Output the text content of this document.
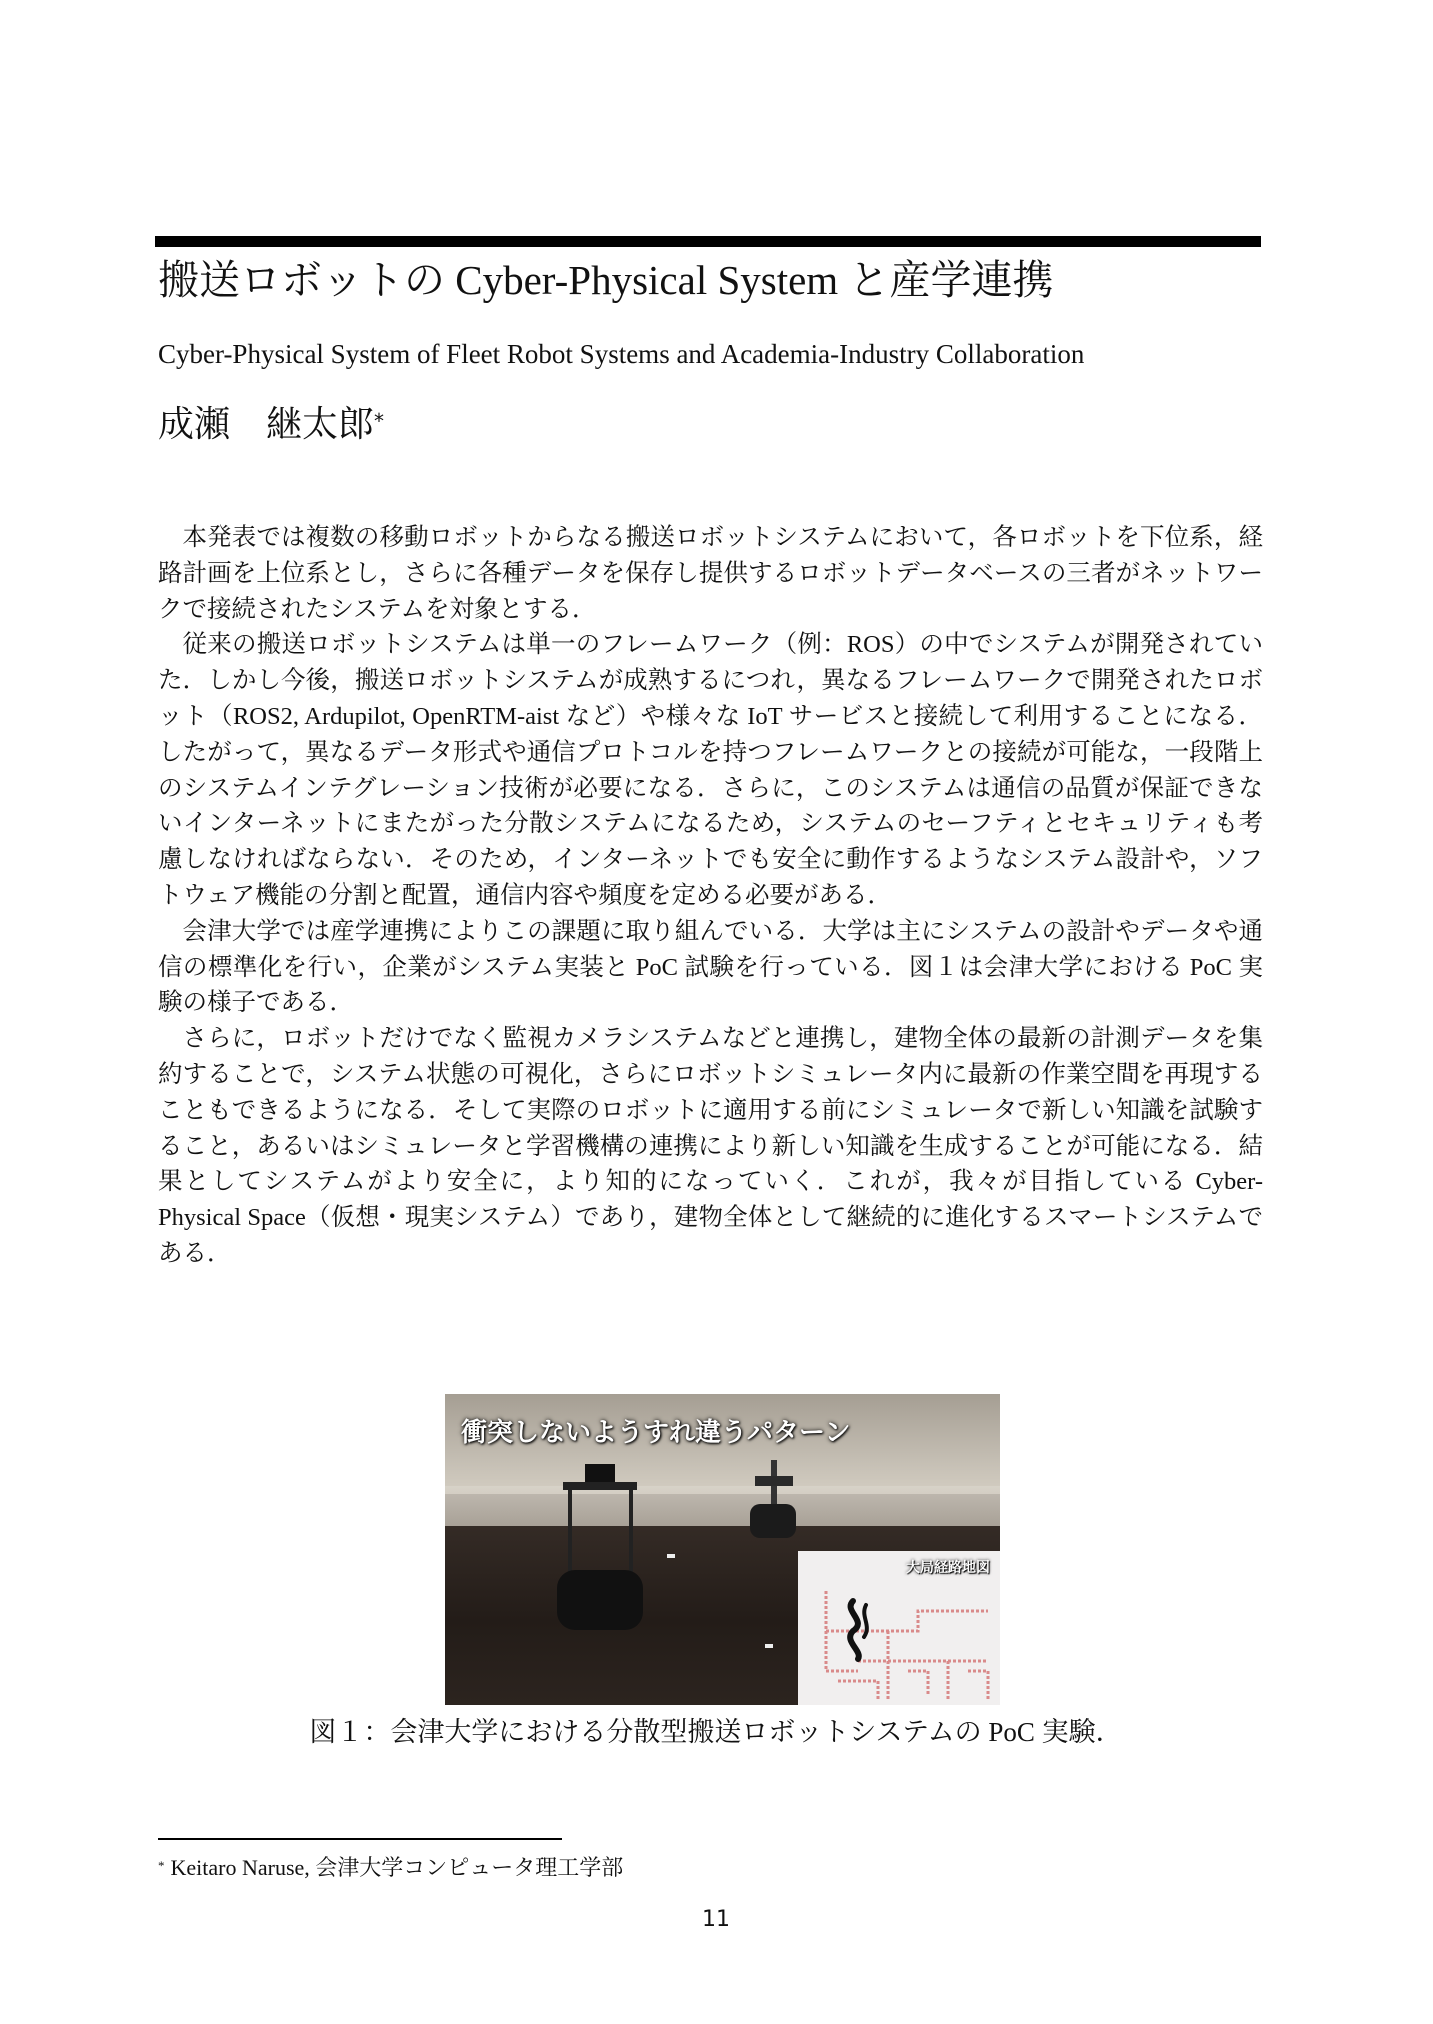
搬送ロボットの Cyber-Physical System と産学連携
Cyber-Physical System of Fleet Robot Systems and Academia-Industry Collaboration
成瀬　継太郎*

本発表では複数の移動ロボットからなる搬送ロボットシステムにおいて，各ロボットを下位系，経路計画を上位系とし，さらに各種データを保存し提供するロボットデータベースの三者がネットワークで接続されたシステムを対象とする．

従来の搬送ロボットシステムは単一のフレームワーク（例：ROS）の中でシステムが開発されていた．しかし今後，搬送ロボットシステムが成熟するにつれ，異なるフレームワークで開発されたロボット（ROS2, Ardupilot, OpenRTM-aist など）や様々な IoT サービスと接続して利用することになる．したがって，異なるデータ形式や通信プロトコルを持つフレームワークとの接続が可能な，一段階上のシステムインテグレーション技術が必要になる．さらに，このシステムは通信の品質が保証できないインターネットにまたがった分散システムになるため，システムのセーフティとセキュリティも考慮しなければならない．そのため，インターネットでも安全に動作するようなシステム設計や，ソフトウェア機能の分割と配置，通信内容や頻度を定める必要がある．

会津大学では産学連携によりこの課題に取り組んでいる．大学は主にシステムの設計やデータや通信の標準化を行い，企業がシステム実装と PoC 試験を行っている．図１は会津大学における PoC 実験の様子である．

さらに，ロボットだけでなく監視カメラシステムなどと連携し，建物全体の最新の計測データを集約することで，システム状態の可視化，さらにロボットシミュレータ内に最新の作業空間を再現することもできるようになる．そして実際のロボットに適用する前にシミュレータで新しい知識を試験すること，あるいはシミュレータと学習機構の連携により新しい知識を生成することが可能になる．結果としてシステムがより安全に，より知的になっていく．これが，我々が目指している Cyber-Physical Space（仮想・現実システム）であり，建物全体として継続的に進化するスマートシステムである．

衝突しないようすれ違うパターン
大局経路地図
図１：会津大学における分散型搬送ロボットシステムの PoC 実験．
* Keitaro Naruse, 会津大学コンピュータ理工学部
11
